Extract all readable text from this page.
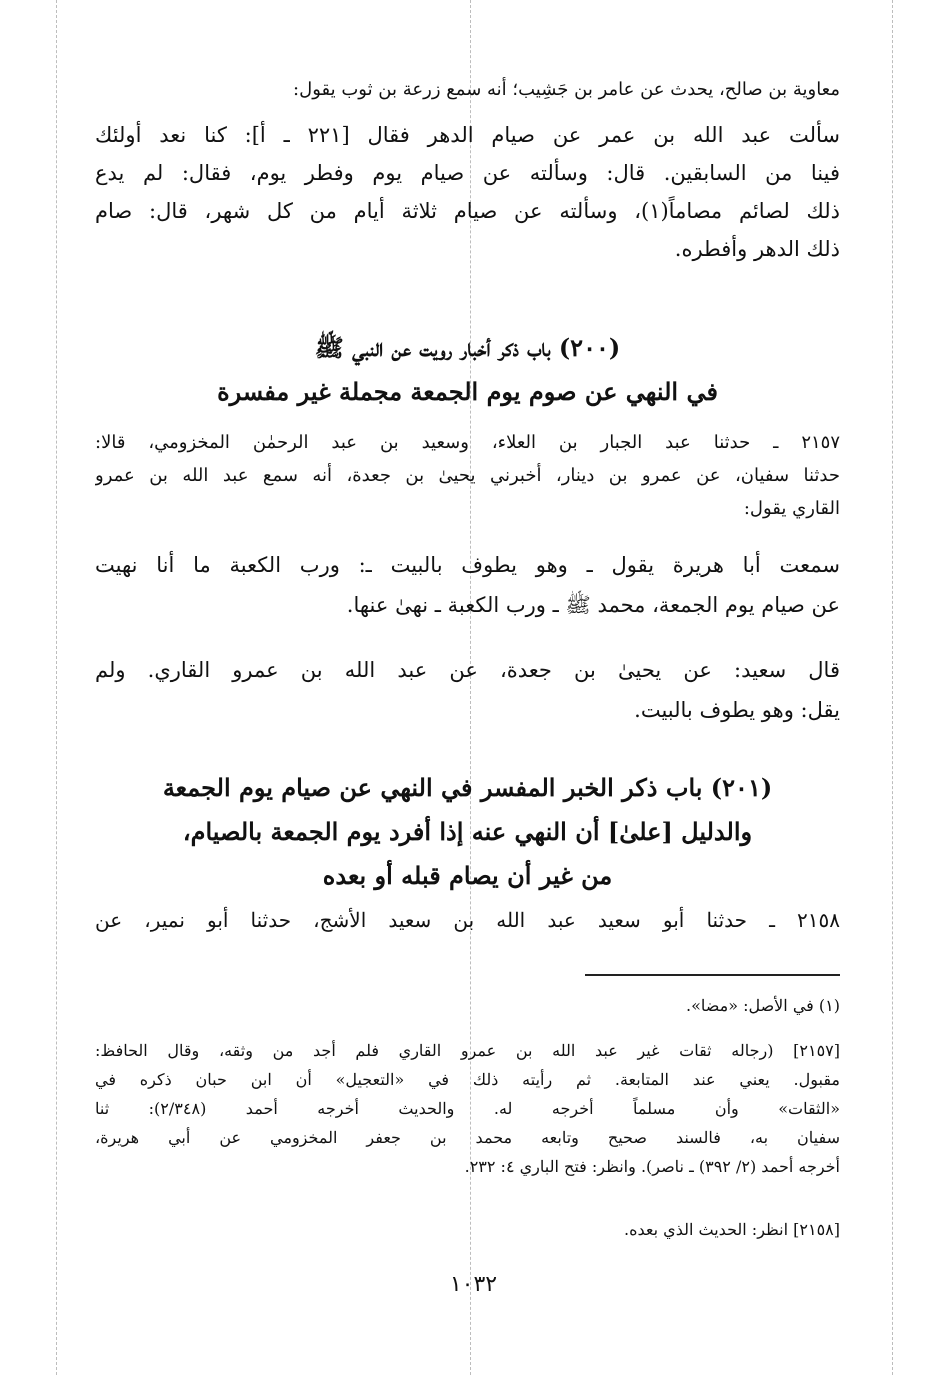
معاوية بن صالح، يحدث عن عامر بن جَشِيب؛ أنه سمع زرعة بن ثوب يقول:
سألت عبد الله بن عمر عن صيام الدهر فقال [٢٢١ ـ أ]: كنا نعد أولئك
فينا من السابقين. قال: وسألته عن صيام يوم وفطر يوم، فقال: لم يدع
ذلك لصائم مصاماً(١)، وسألته عن صيام ثلاثة أيام من كل شهر، قال: صام
ذلك الدهر وأفطره.
(٢٠٠) باب ذكر أخبار رويت عن النبي ﷺ
في النهي عن صوم يوم الجمعة مجملة غير مفسرة
٢١٥٧ ـ حدثنا عبد الجبار بن العلاء، وسعيد بن عبد الرحمٰن المخزومي، قالا:
حدثنا سفيان، عن عمرو بن دينار، أخبرني يحيىٰ بن جعدة، أنه سمع عبد الله بن عمرو
القاري يقول:
سمعت أبا هريرة يقول ـ وهو يطوف بالبيت ـ: ورب الكعبة ما أنا نهيت
عن صيام يوم الجمعة، محمد ﷺ ـ ورب الكعبة ـ نهىٰ عنها.
قال سعيد: عن يحيىٰ بن جعدة، عن عبد الله بن عمرو القاري. ولم
يقل: وهو يطوف بالبيت.
(٢٠١) باب ذكر الخبر المفسر في النهي عن صيام يوم الجمعة
والدليل [علىٰ] أن النهي عنه إذا أفرد يوم الجمعة بالصيام،
من غير أن يصام قبله أو بعده
٢١٥٨ ـ حدثنا أبو سعيد عبد الله بن سعيد الأشج، حدثنا أبو نمير، عن
(١) في الأصل: «مضا».
[٢١٥٧] (رجاله ثقات غير عبد الله بن عمرو القاري فلم أجد من وثقه، وقال الحافظ:
مقبول. يعني عند المتابعة. ثم رأيته ذلك في «التعجيل» أن ابن حبان ذكره في
«الثقات» وأن مسلماً أخرجه له. والحديث أخرجه أحمد (٢/٣٤٨): ثنا
سفيان به، فالسند صحيح وتابعه محمد بن جعفر المخزومي عن أبي هريرة،
أخرجه أحمد (٢/ ٣٩٢) ـ ناصر). وانظر: فتح الباري ٤: ٢٣٢.
[٢١٥٨] انظر: الحديث الذي بعده.
١٠٣٢
